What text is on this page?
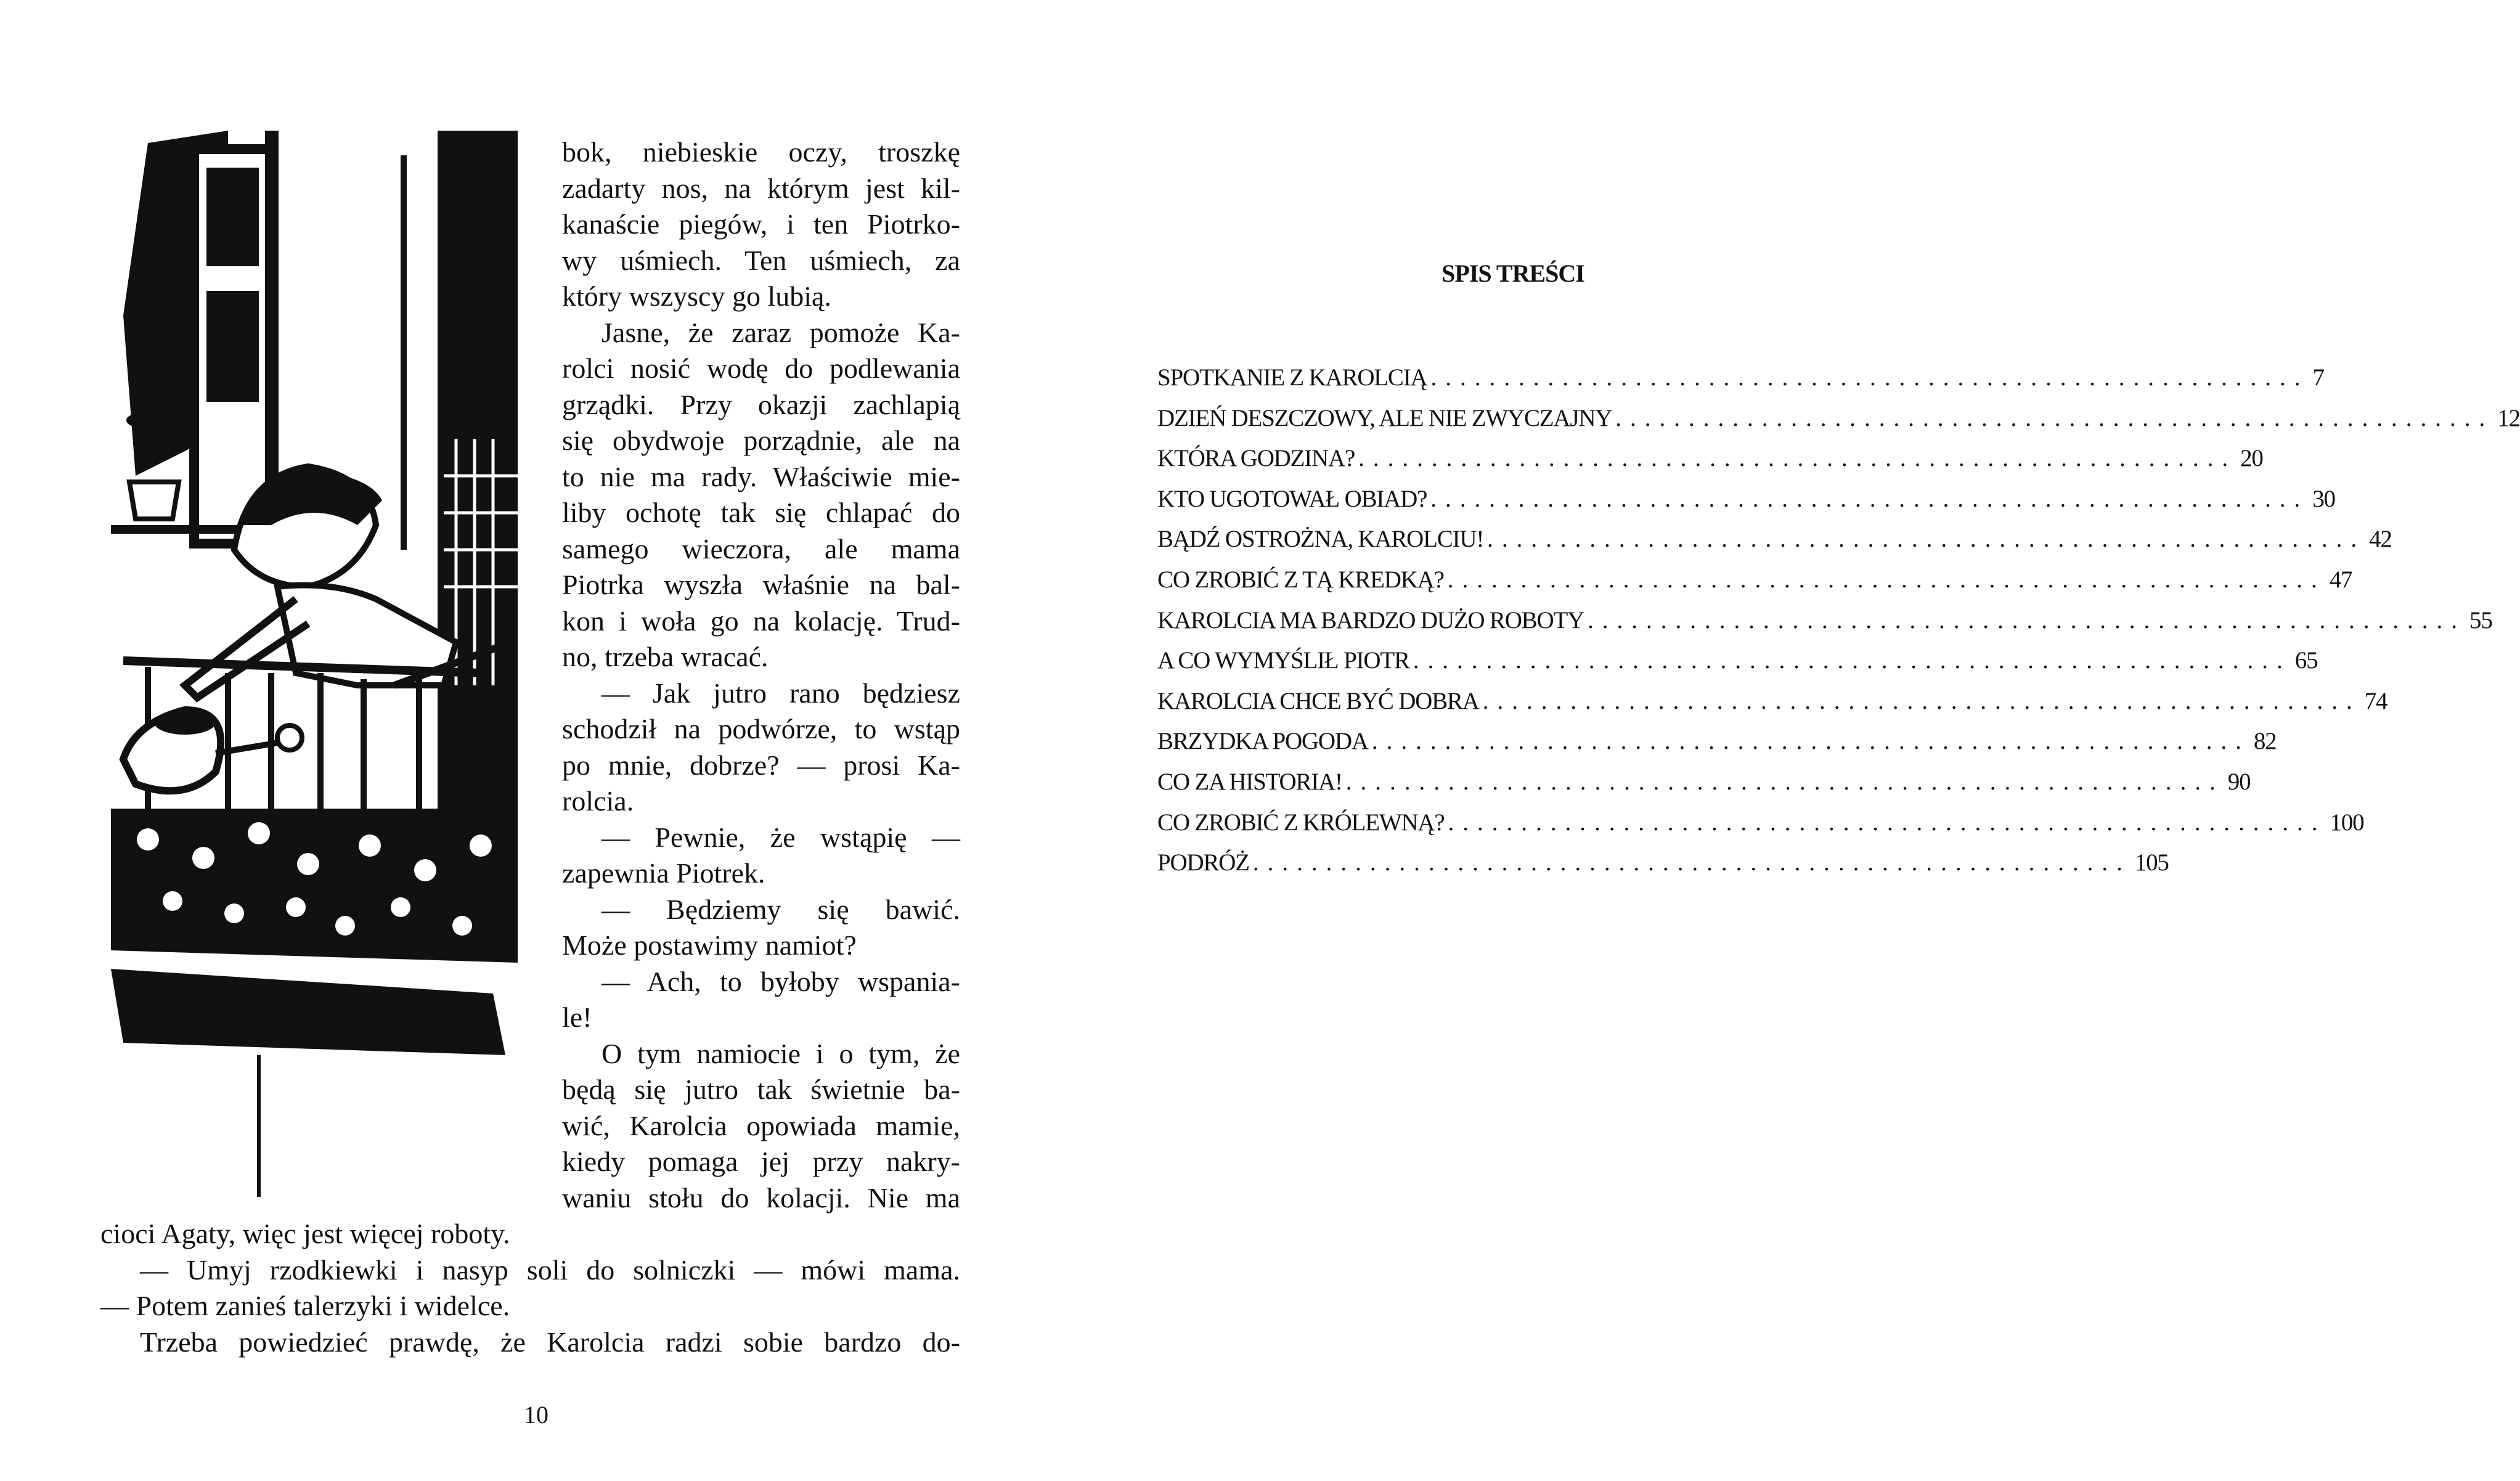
bok, niebieskie oczy, troszkę
zadarty nos, na którym jest kil-
kanaście piegów, i ten Piotrko-
wy uśmiech. Ten uśmiech, za
który wszyscy go lubią.
Jasne, że zaraz pomoże Ka-
rolci nosić wodę do podlewania
grządki. Przy okazji zachlapią
się obydwoje porządnie, ale na
to nie ma rady. Właściwie mie-
liby ochotę tak się chlapać do
samego wieczora, ale mama
Piotrka wyszła właśnie na bal-
kon i woła go na kolację. Trud-
no, trzeba wracać.
— Jak jutro rano będziesz
schodził na podwórze, to wstąp
po mnie, dobrze? — prosi Ka-
rolcia.
— Pewnie, że wstąpię —
zapewnia Piotrek.
— Będziemy się bawić.
Może postawimy namiot?
— Ach, to byłoby wspania-
le!
O tym namiocie i o tym, że
będą się jutro tak świetnie ba-
wić, Karolcia opowiada mamie,
kiedy pomaga jej przy nakry-
waniu stołu do kolacji. Nie ma
cioci Agaty, więc jest więcej roboty.
— Umyj rzodkiewki i nasyp soli do solniczki — mówi mama.
— Potem zanieś talerzyki i widelce.
Trzeba powiedzieć prawdę, że Karolcia radzi sobie bardzo do-
10
SPIS TREŚCI
SPOTKANIE Z KAROLCIĄ ............................................................ 7
DZIEŃ DESZCZOWY, ALE NIE ZWYCZAJNY ............................................................ 12
KTÓRA GODZINA? ............................................................ 20
KTO UGOTOWAŁ OBIAD? ............................................................ 30
BĄDŹ OSTROŻNA, KAROLCIU! ............................................................ 42
CO ZROBIĆ Z TĄ KREDKĄ? ............................................................ 47
KAROLCIA MA BARDZO DUŻO ROBOTY ............................................................ 55
A CO WYMYŚLIŁ PIOTR ............................................................ 65
KAROLCIA CHCE BYĆ DOBRA ............................................................ 74
BRZYDKA POGODA ............................................................ 82
CO ZA HISTORIA! ............................................................ 90
CO ZROBIĆ Z KRÓLEWNĄ? ............................................................ 100
PODRÓŻ ............................................................ 105
